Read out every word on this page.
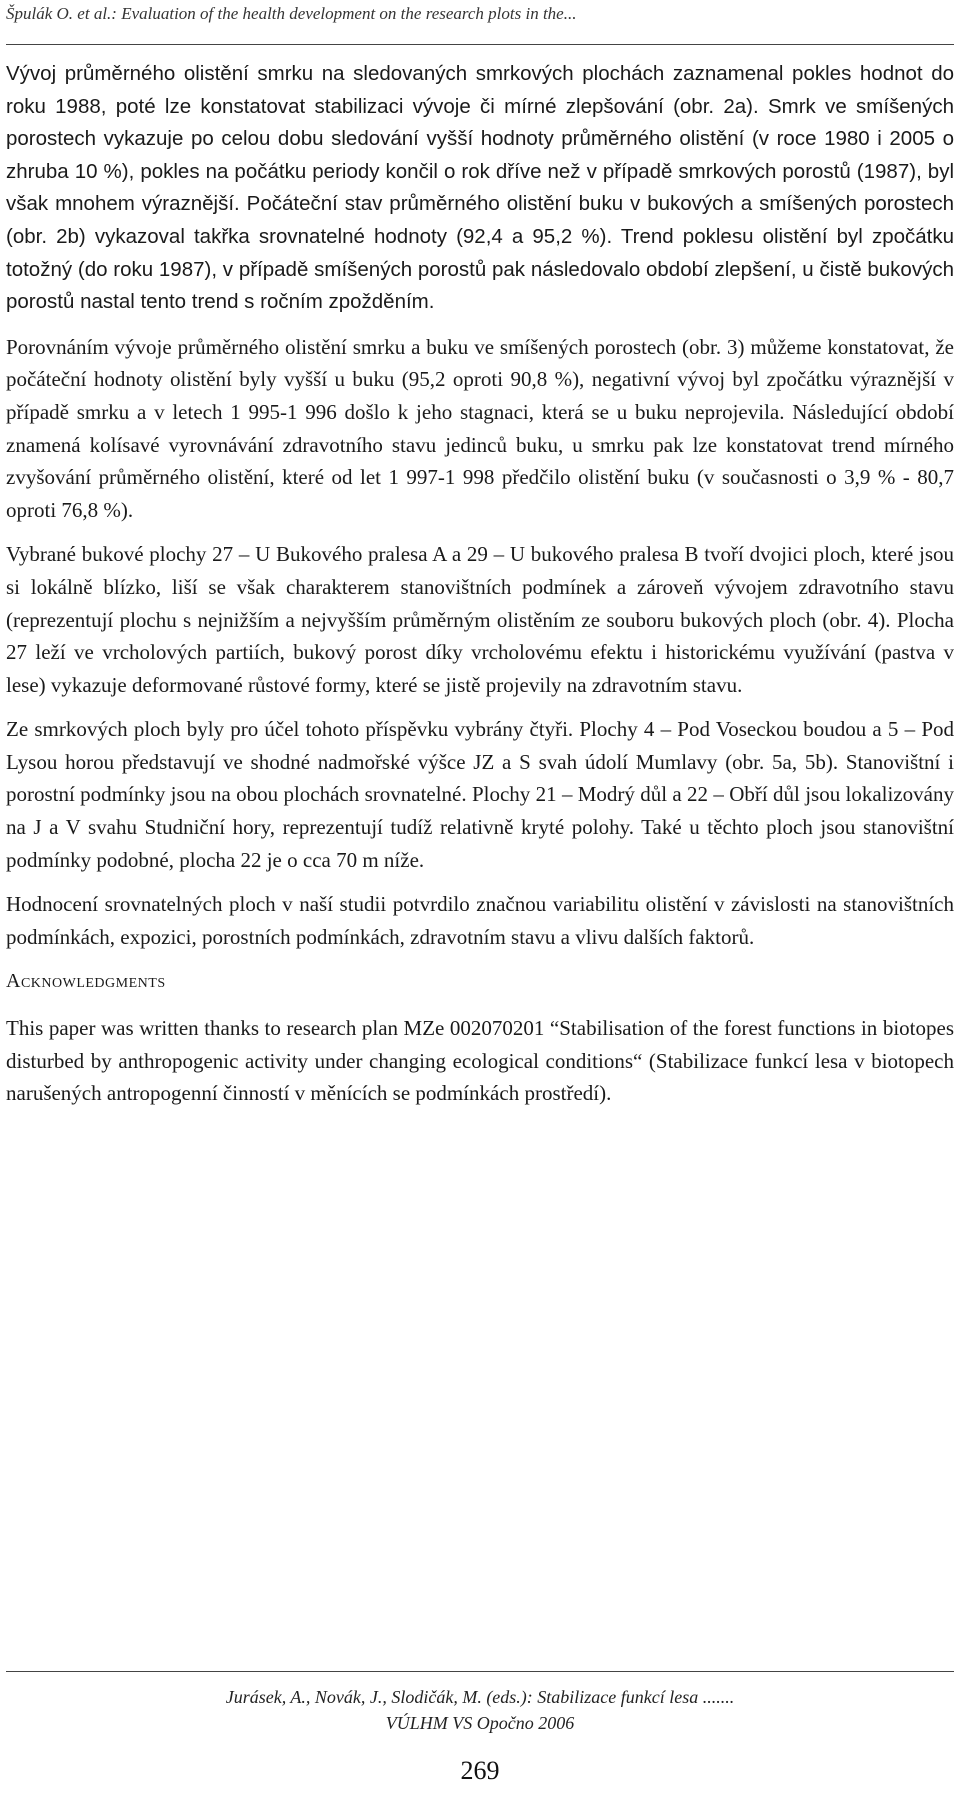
Špulák O. et al.: Evaluation of the health development on the research plots in the...

Vývoj průměrného olistění smrku na sledovaných smrkových plochách zaznamenal pokles hodnot do roku 1988, poté lze konstatovat stabilizaci vývoje či mírné zlepšování (obr. 2a). Smrk ve smíšených porostech vykazuje po celou dobu sledování vyšší hodnoty průměrného olistění (v roce 1980 i 2005 o zhruba 10 %), pokles na počátku periody končil o rok dříve než v případě smrkových porostů (1987), byl však mnohem výraznější. Počáteční stav průměrného olistění buku v bukových a smíšených porostech (obr. 2b) vykazoval takřka srovnatelné hodnoty (92,4 a 95,2 %). Trend poklesu olistění byl zpočátku totožný (do roku 1987), v případě smíšených porostů pak následovalo období zlepšení, u čistě bukových porostů nastal tento trend s ročním zpožděním.

Porovnáním vývoje průměrného olistění smrku a buku ve smíšených porostech (obr. 3) můžeme konstatovat, že počáteční hodnoty olistění byly vyšší u buku (95,2 oproti 90,8 %), negativní vývoj byl zpočátku výraznější v případě smrku a v letech 1 995-1 996 došlo k jeho stagnaci, která se u buku neprojevila. Následující období znamená kolísavé vyrovnávání zdravotního stavu jedinců buku, u smrku pak lze konstatovat trend mírného zvyšování průměrného olistění, které od let 1 997-1 998 předčilo olistění buku (v současnosti o 3,9 % - 80,7 oproti 76,8 %).

Vybrané bukové plochy 27 – U Bukového pralesa A a 29 – U bukového pralesa B tvoří dvojici ploch, které jsou si lokálně blízko, liší se však charakterem stanovištních podmínek a zároveň vývojem zdravotního stavu (reprezentují plochu s nejnižším a nejvyšším průměrným olistěním ze souboru bukových ploch (obr. 4). Plocha 27 leží ve vrcholových partiích, bukový porost díky vrcholovému efektu i historickému využívání (pastva v lese) vykazuje deformované růstové formy, které se jistě projevily na zdravotním stavu.

Ze smrkových ploch byly pro účel tohoto příspěvku vybrány čtyři. Plochy 4 – Pod Voseckou boudou a 5 – Pod Lysou horou představují ve shodné nadmořské výšce JZ a S svah údolí Mumlavy (obr. 5a, 5b). Stanovištní i porostní podmínky jsou na obou plochách srovnatelné. Plochy 21 – Modrý důl a 22 – Obří důl jsou lokalizovány na J a V svahu Studniční hory, reprezentují tudíž relativně kryté polohy. Také u těchto ploch jsou stanovištní podmínky podobné, plocha 22 je o cca 70 m níže.

Hodnocení srovnatelných ploch v naší studii potvrdilo značnou variabilitu olistění v závislosti na stanovištních podmínkách, expozici, porostních podmínkách, zdravotním stavu a vlivu dalších faktorů.

Acknowledgments

This paper was written thanks to research plan MZe 002070201 “Stabilisation of the forest functions in biotopes disturbed by anthropogenic activity under changing ecological conditions“ (Stabilizace funkcí lesa v biotopech narušených antropogenní činností v měnících se podmínkách prostředí).

Jurásek, A., Novák, J., Slodičák, M. (eds.): Stabilizace funkcí lesa .......
VÚLHM VS Opočno 2006
269
